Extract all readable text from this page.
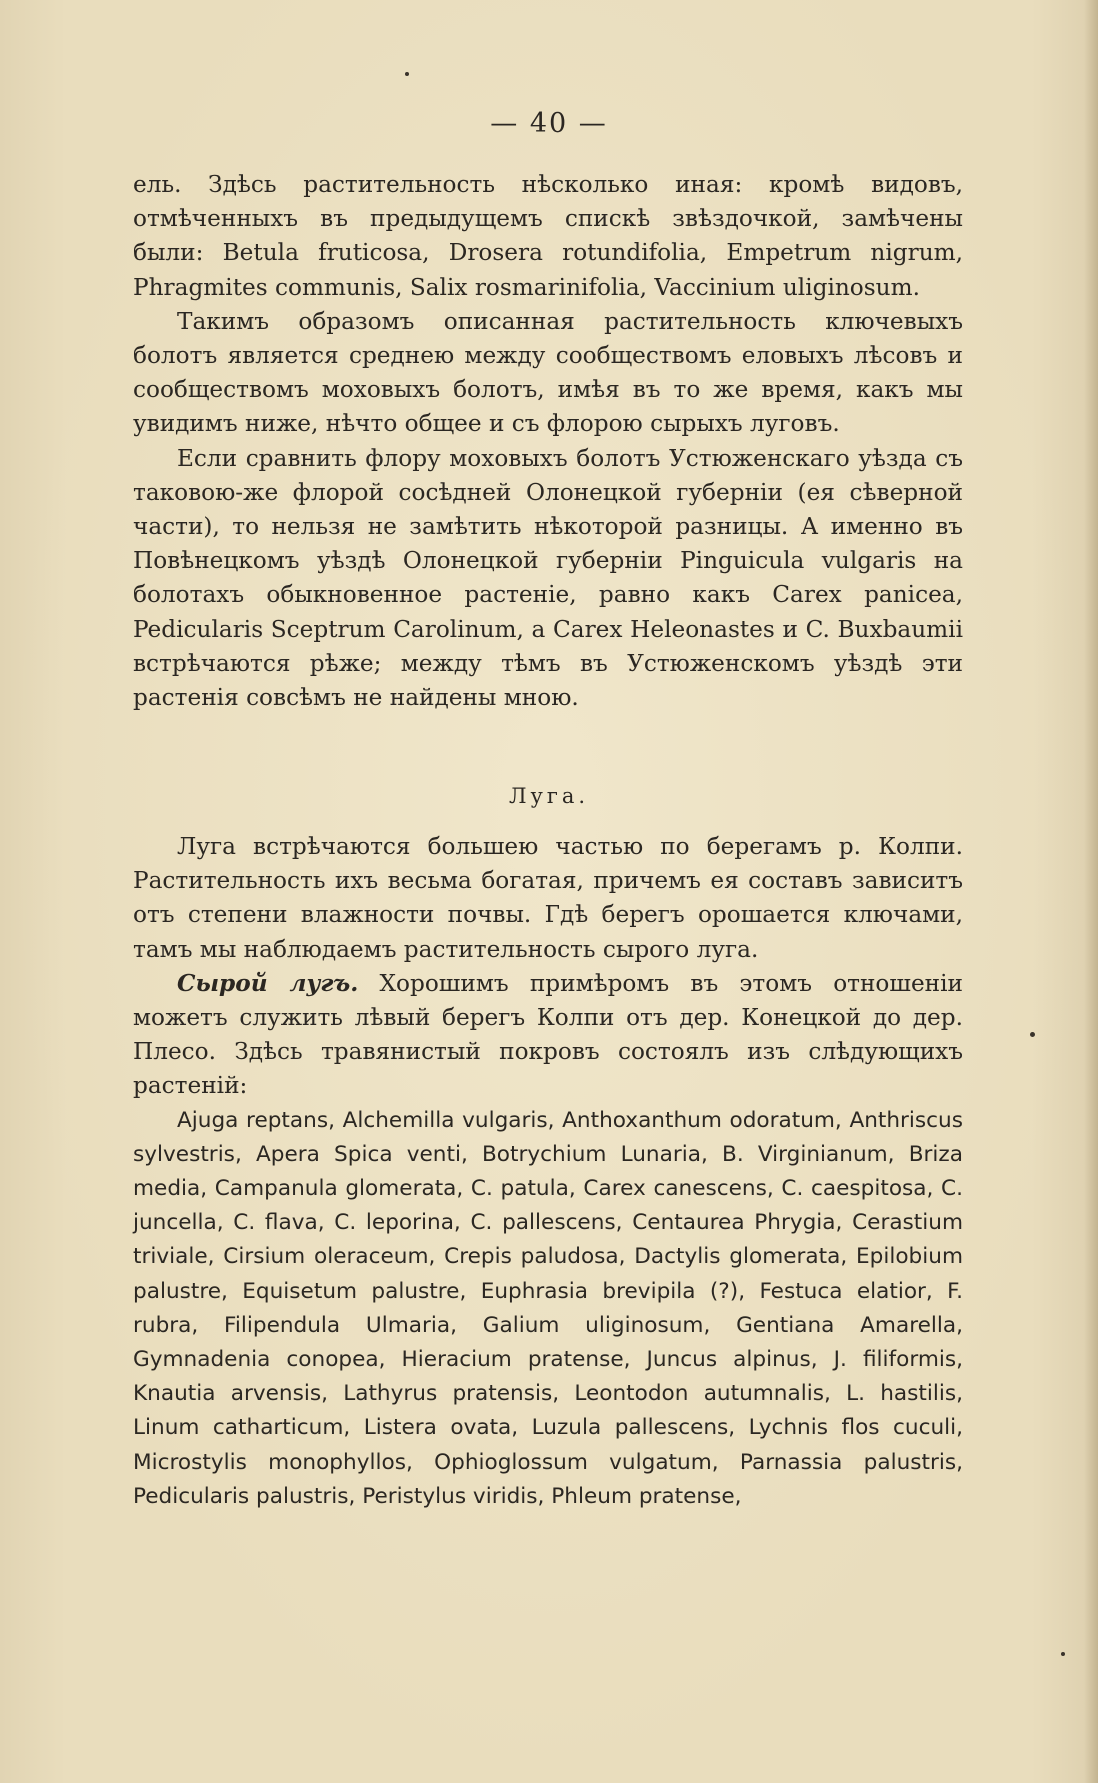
— 40 —

ель. Здѣсь растительность нѣсколько иная: кромѣ видовъ, отмѣченныхъ въ предыдущемъ спискѣ звѣздочкой, замѣчены были: Betula fruticosa, Drosera rotundifolia, Empetrum nigrum, Phragmites communis, Salix rosmarinifolia, Vaccinium uliginosum.

Такимъ образомъ описанная растительность ключевыхъ болотъ является среднею между сообществомъ еловыхъ лѣсовъ и сообществомъ моховыхъ болотъ, имѣя въ то же время, какъ мы увидимъ ниже, нѣчто общее и съ флорою сырыхъ луговъ.

Если сравнить флору моховыхъ болотъ Устюженскаго уѣзда съ таковою-же флорой сосѣдней Олонецкой губерніи (ея сѣверной части), то нельзя не замѣтить нѣкоторой разницы. А именно въ Повѣнецкомъ уѣздѣ Олонецкой губерніи Pinguicula vulgaris на болотахъ обыкновенное растеніе, равно какъ Carex panicea, Pedicularis Sceptrum Carolinum, а Carex Heleonastes и C. Buxbaumii встрѣчаются рѣже; между тѣмъ въ Устюженскомъ уѣздѣ эти растенія совсѣмъ не найдены мною.

Луга.

Луга встрѣчаются большею частью по берегамъ р. Колпи. Растительность ихъ весьма богатая, причемъ ея составъ зависитъ отъ степени влажности почвы. Гдѣ берегъ орошается ключами, тамъ мы наблюдаемъ растительность сырого луга.

Сырой лугъ. Хорошимъ примѣромъ въ этомъ отношеніи можетъ служить лѣвый берегъ Колпи отъ дер. Конецкой до дер. Плесо. Здѣсь травянистый покровъ состоялъ изъ слѣдующихъ растеній:

Ajuga reptans, Alchemilla vulgaris, Anthoxanthum odoratum, Anthriscus sylvestris, Apera Spica venti, Botrychium Lunaria, B. Virginianum, Briza media, Campanula glomerata, C. patula, Carex canescens, C. caespitosa, C. juncella, C. flava, C. leporina, C. pallescens, Centaurea Phrygia, Cerastium triviale, Cirsium oleraceum, Crepis paludosa, Dactylis glomerata, Epilobium palustre, Equisetum palustre, Euphrasia brevipila (?), Festuca elatior, F. rubra, Filipendula Ulmaria, Galium uliginosum, Gentiana Amarella, Gymnadenia conopea, Hieracium pratense, Juncus alpinus, J. filiformis, Knautia arvensis, Lathyrus pratensis, Leontodon autumnalis, L. hastilis, Linum catharticum, Listera ovata, Luzula pallescens, Lychnis flos cuculi, Microstylis monophyllos, Ophioglossum vulgatum, Parnassia palustris, Pedicularis palustris, Peristylus viridis, Phleum pratense,
